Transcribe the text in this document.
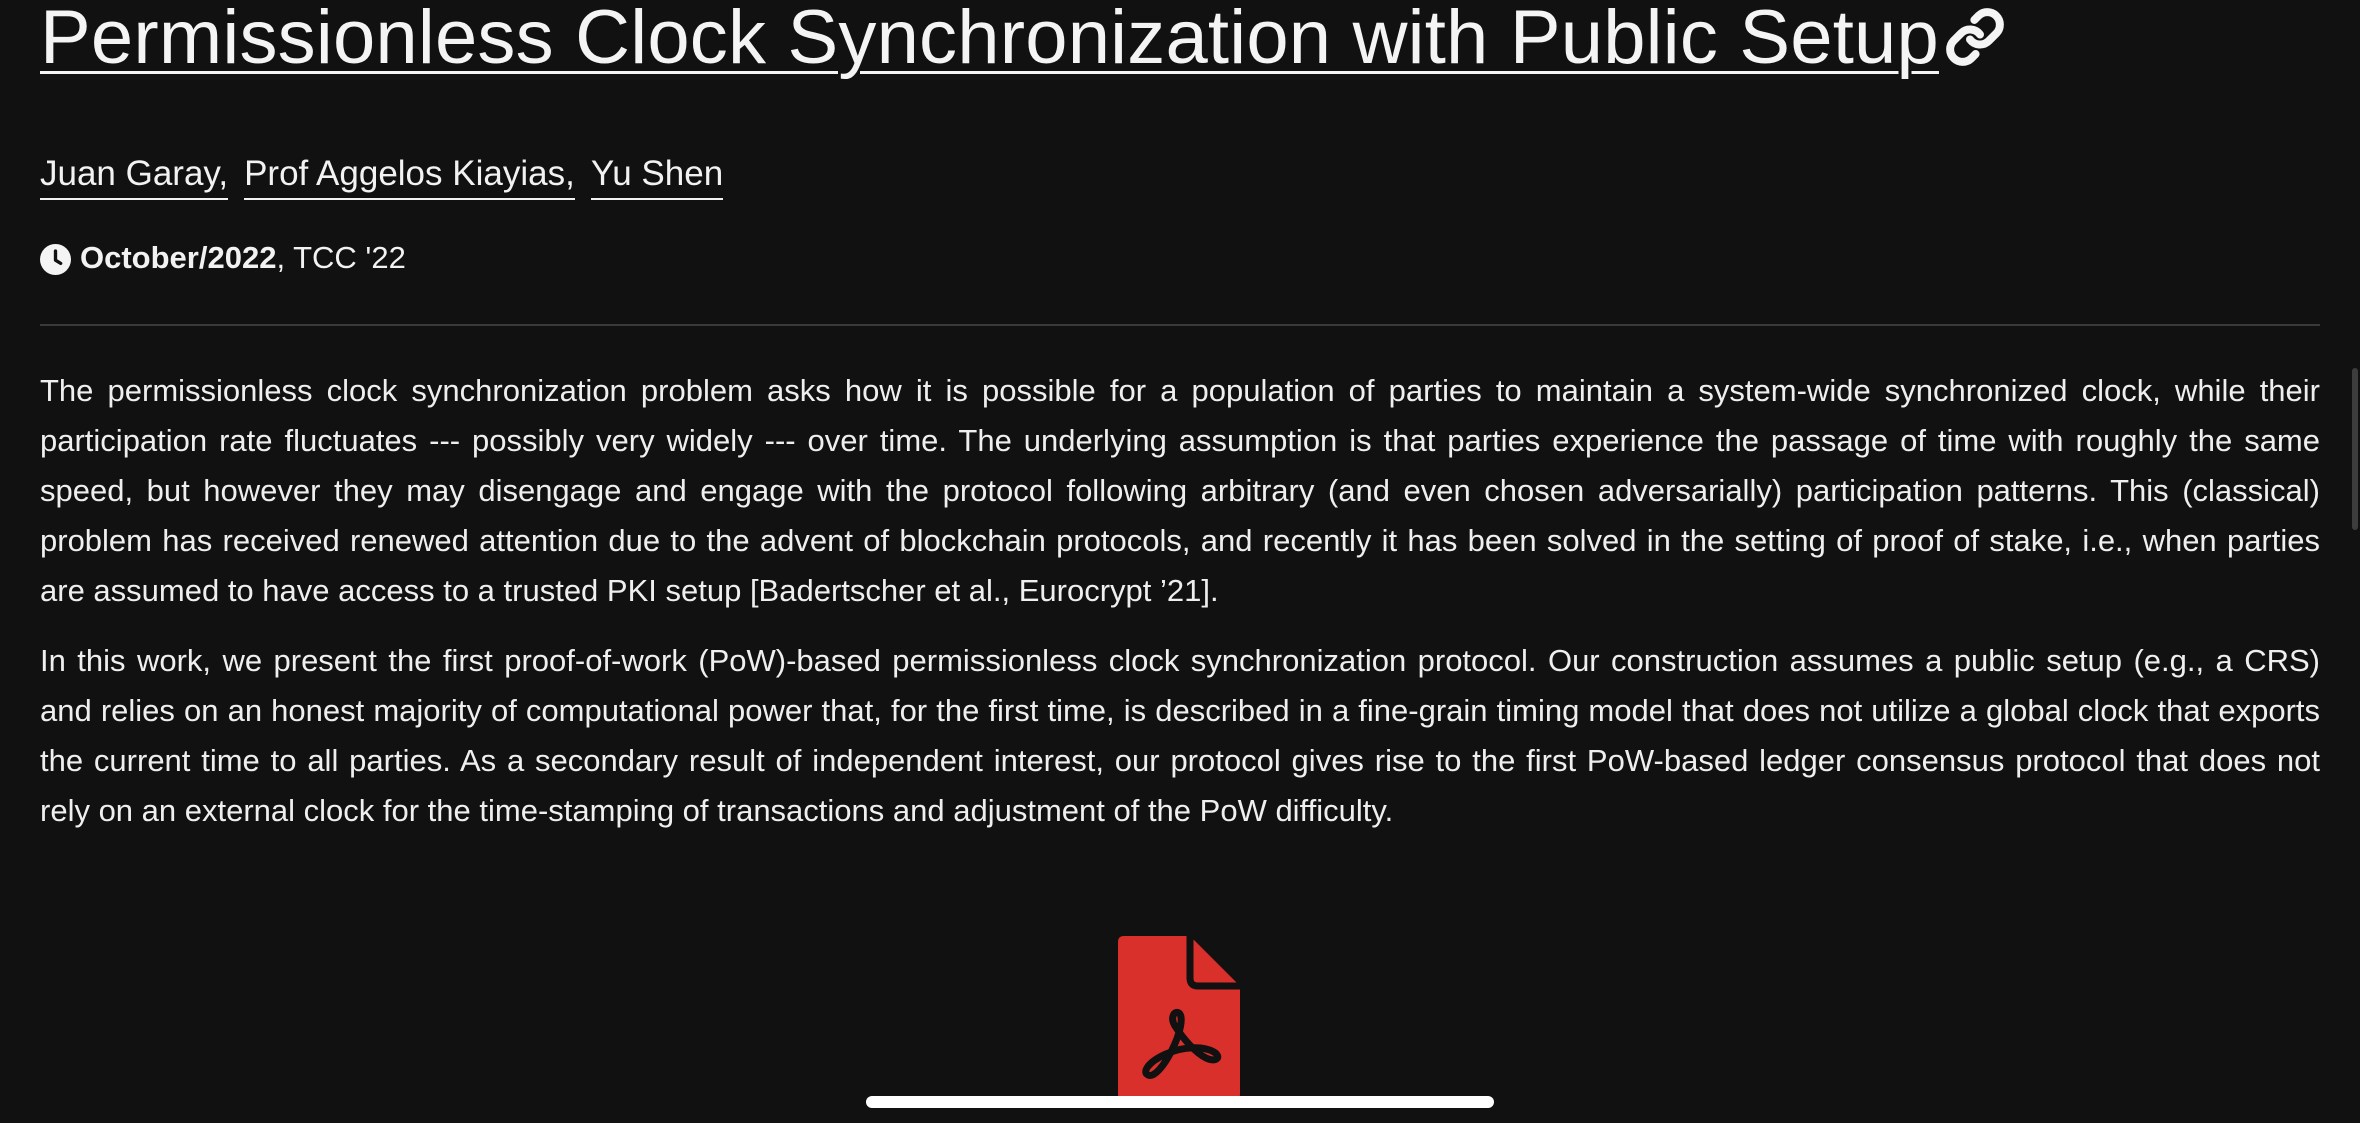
Permissionless Clock Synchronization with Public Setup
Juan Garay, Prof Aggelos Kiayias, Yu Shen
October/2022 , TCC '22

The permissionless clock synchronization problem asks how it is possible for a population of parties to maintain a system-wide synchronized clock, while their participation rate fluctuates --- possibly very widely --- over time. The underlying assumption is that parties experience the passage of time with roughly the same speed, but however they may disengage and engage with the protocol following arbitrary (and even chosen adversarially) participation patterns. This (classical) problem has received renewed attention due to the advent of blockchain protocols, and recently it has been solved in the setting of proof of stake, i.e., when parties are assumed to have access to a trusted PKI setup [Badertscher et al., Eurocrypt ’21].

In this work, we present the first proof-of-work (PoW)-based permissionless clock synchronization protocol. Our construction assumes a public setup (e.g., a CRS) and relies on an honest majority of computational power that, for the first time, is described in a fine-grain timing model that does not utilize a global clock that exports the current time to all parties. As a secondary result of independent interest, our protocol gives rise to the first PoW-based ledger consensus protocol that does not rely on an external clock for the time-stamping of transactions and adjustment of the PoW difficulty.
